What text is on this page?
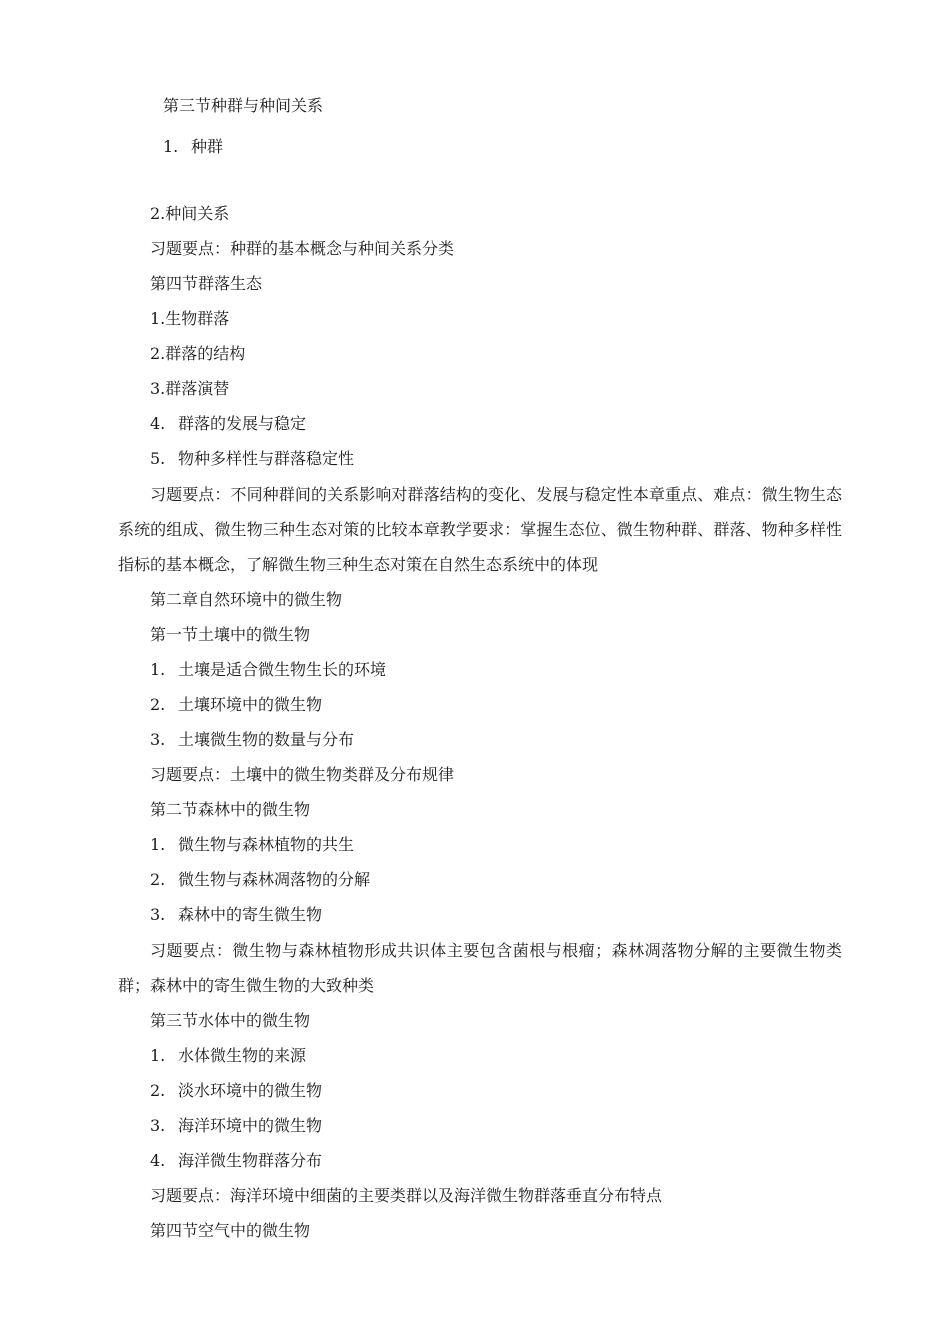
第三节种群与种间关系
1. 种群
2.种间关系
习题要点：种群的基本概念与种间关系分类
第四节群落生态
1.生物群落
2.群落的结构
3.群落演替
4. 群落的发展与稳定
5. 物种多样性与群落稳定性
习题要点：不同种群间的关系影响对群落结构的变化、发展与稳定性本章重点、难点：微生物生态系统的组成、微生物三种生态对策的比较本章教学要求：掌握生态位、微生物种群、群落、物种多样性指标的基本概念，了解微生物三种生态对策在自然生态系统中的体现
第二章自然环境中的微生物
第一节土壤中的微生物
1. 土壤是适合微生物生长的环境
2. 土壤环境中的微生物
3. 土壤微生物的数量与分布
习题要点：土壤中的微生物类群及分布规律
第二节森林中的微生物
1. 微生物与森林植物的共生
2. 微生物与森林凋落物的分解
3. 森林中的寄生微生物
习题要点：微生物与森林植物形成共识体主要包含菌根与根瘤；森林凋落物分解的主要微生物类群；森林中的寄生微生物的大致种类
第三节水体中的微生物
1. 水体微生物的来源
2. 淡水环境中的微生物
3. 海洋环境中的微生物
4. 海洋微生物群落分布
习题要点：海洋环境中细菌的主要类群以及海洋微生物群落垂直分布特点
第四节空气中的微生物
